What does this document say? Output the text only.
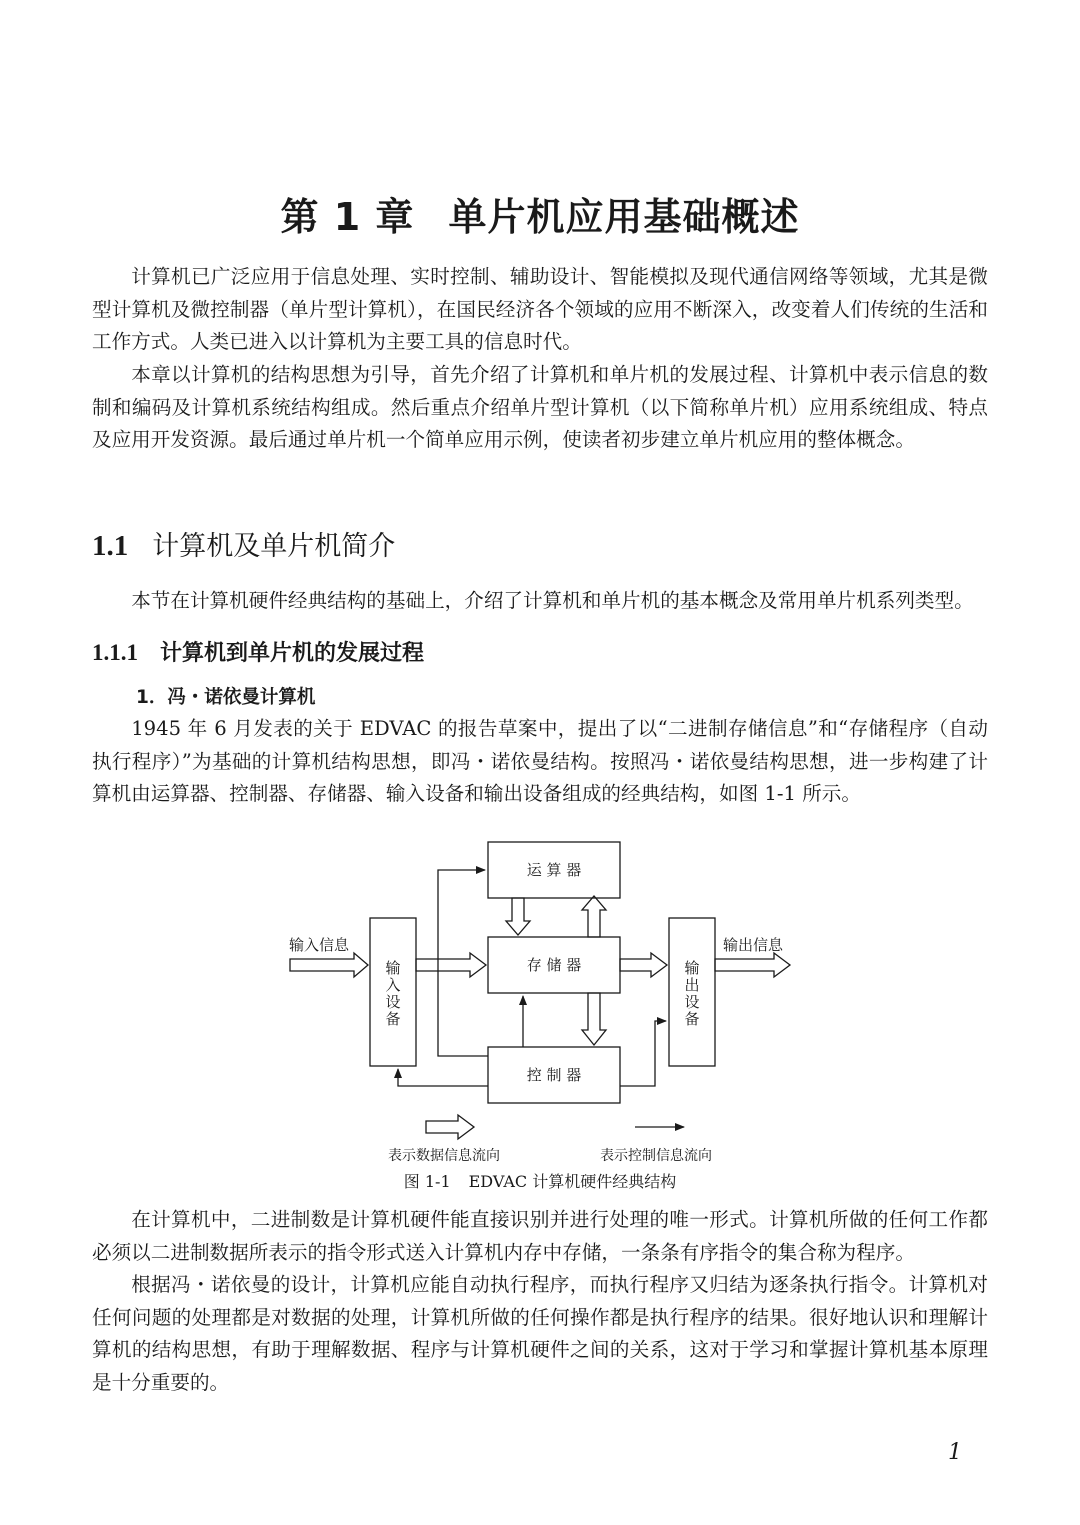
第 1 章 单片机应用基础概述

计算机已广泛应用于信息处理、实时控制、辅助设计、智能模拟及现代通信网络等领域，尤其是微型计算机及微控制器（单片型计算机），在国民经济各个领域的应用不断深入，改变着人们传统的生活和工作方式。人类已进入以计算机为主要工具的信息时代。

本章以计算机的结构思想为引导，首先介绍了计算机和单片机的发展过程、计算机中表示信息的数制和编码及计算机系统结构组成。然后重点介绍单片型计算机（以下简称单片机）应用系统组成、特点及应用开发资源。最后通过单片机一个简单应用示例，使读者初步建立单片机应用的整体概念。

1.1 计算机及单片机简介

本节在计算机硬件经典结构的基础上，介绍了计算机和单片机的基本概念及常用单片机系列类型。

1.1.1 计算机到单片机的发展过程
1．冯・诺依曼计算机

1945 年 6 月发表的关于 EDVAC 的报告草案中，提出了以“二进制存储信息”和“存储程序（自动执行程序）”为基础的计算机结构思想，即冯・诺依曼结构。按照冯・诺依曼结构思想，进一步构建了计算机由运算器、控制器、存储器、输入设备和输出设备组成的经典结构，如图 1-1 所示。

运 算 器
存 储 器
控 制 器
输
入
设
备
输
出
设
备
输入信息	输出信息
表示数据信息流向	表示控制信息流向
图 1-1 EDVAC 计算机硬件经典结构

在计算机中，二进制数是计算机硬件能直接识别并进行处理的唯一形式。计算机所做的任何工作都必须以二进制数据所表示的指令形式送入计算机内存中存储，一条条有序指令的集合称为程序。

根据冯・诺依曼的设计，计算机应能自动执行程序，而执行程序又归结为逐条执行指令。计算机对任何问题的处理都是对数据的处理，计算机所做的任何操作都是执行程序的结果。很好地认识和理解计算机的结构思想，有助于理解数据、程序与计算机硬件之间的关系，这对于学习和掌握计算机基本原理是十分重要的。

1
